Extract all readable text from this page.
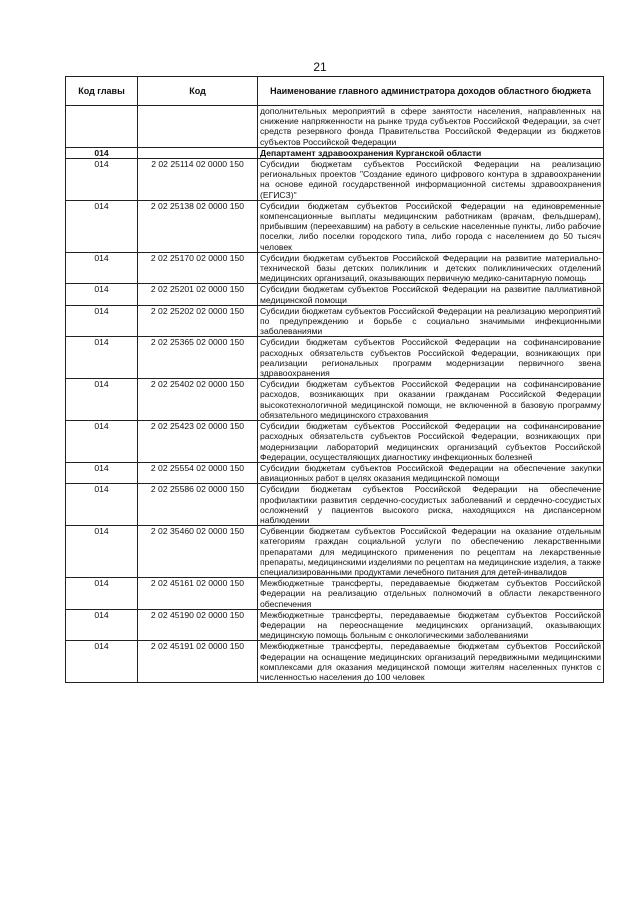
21
Код главы	Код	Наименование главного администратора доходов областного бюджета
		дополнительных мероприятий в сфере занятости населения, направленных на снижение напряженности на рынке труда субъектов Российской Федерации, за счет средств резервного фонда Правительства Российской Федерации из бюджетов субъектов Российской Федерации
014		Департамент здравоохранения Курганской области
014	2 02 25114 02 0000 150	Субсидии бюджетам субъектов Российской Федерации на реализацию региональных проектов "Создание единого цифрового контура в здравоохранении на основе единой государственной информационной системы здравоохранения (ЕГИСЗ)"
014	2 02 25138 02 0000 150	Субсидии бюджетам субъектов Российской Федерации на единовременные компенсационные выплаты медицинским работникам (врачам, фельдшерам), прибывшим (переехавшим) на работу в сельские населенные пункты, либо рабочие поселки, либо поселки городского типа, либо города с населением до 50 тысяч человек
014	2 02 25170 02 0000 150	Субсидии бюджетам субъектов Российской Федерации на развитие материально-технической базы детских поликлиник и детских поликлинических отделений медицинских организаций, оказывающих первичную медико-санитарную помощь
014	2 02 25201 02 0000 150	Субсидии бюджетам субъектов Российской Федерации на развитие паллиативной медицинской помощи
014	2 02 25202 02 0000 150	Субсидии бюджетам субъектов Российской Федерации на реализацию мероприятий по предупреждению и борьбе с социально значимыми инфекционными заболеваниями
014	2 02 25365 02 0000 150	Субсидии бюджетам субъектов Российской Федерации на софинансирование расходных обязательств субъектов Российской Федерации, возникающих при реализации региональных программ модернизации первичного звена здравоохранения
014	2 02 25402 02 0000 150	Субсидии бюджетам субъектов Российской Федерации на софинансирование расходов, возникающих при оказании гражданам Российской Федерации высокотехнологичной медицинской помощи, не включенной в базовую программу обязательного медицинского страхования
014	2 02 25423 02 0000 150	Субсидии бюджетам субъектов Российской Федерации на софинансирование расходных обязательств субъектов Российской Федерации, возникающих при модернизации лабораторий медицинских организаций субъектов Российской Федерации, осуществляющих диагностику инфекционных болезней
014	2 02 25554 02 0000 150	Субсидии бюджетам субъектов Российской Федерации на обеспечение закупки авиационных работ в целях оказания медицинской помощи
014	2 02 25586 02 0000 150	Субсидии бюджетам субъектов Российской Федерации на обеспечение профилактики развития сердечно-сосудистых заболеваний и сердечно-сосудистых осложнений у пациентов высокого риска, находящихся на диспансерном наблюдении
014	2 02 35460 02 0000 150	Субвенции бюджетам субъектов Российской Федерации на оказание отдельным категориям граждан социальной услуги по обеспечению лекарственными препаратами для медицинского применения по рецептам на лекарственные препараты, медицинскими изделиями по рецептам на медицинские изделия, а также специализированными продуктами лечебного питания для детей-инвалидов
014	2 02 45161 02 0000 150	Межбюджетные трансферты, передаваемые бюджетам субъектов Российской Федерации на реализацию отдельных полномочий в области лекарственного обеспечения
014	2 02 45190 02 0000 150	Межбюджетные трансферты, передаваемые бюджетам субъектов Российской Федерации на переоснащение медицинских организаций, оказывающих медицинскую помощь больным с онкологическими заболеваниями
014	2 02 45191 02 0000 150	Межбюджетные трансферты, передаваемые бюджетам субъектов Российской Федерации на оснащение медицинских организаций передвижными медицинскими комплексами для оказания медицинской помощи жителям населенных пунктов с численностью населения до 100 человек
